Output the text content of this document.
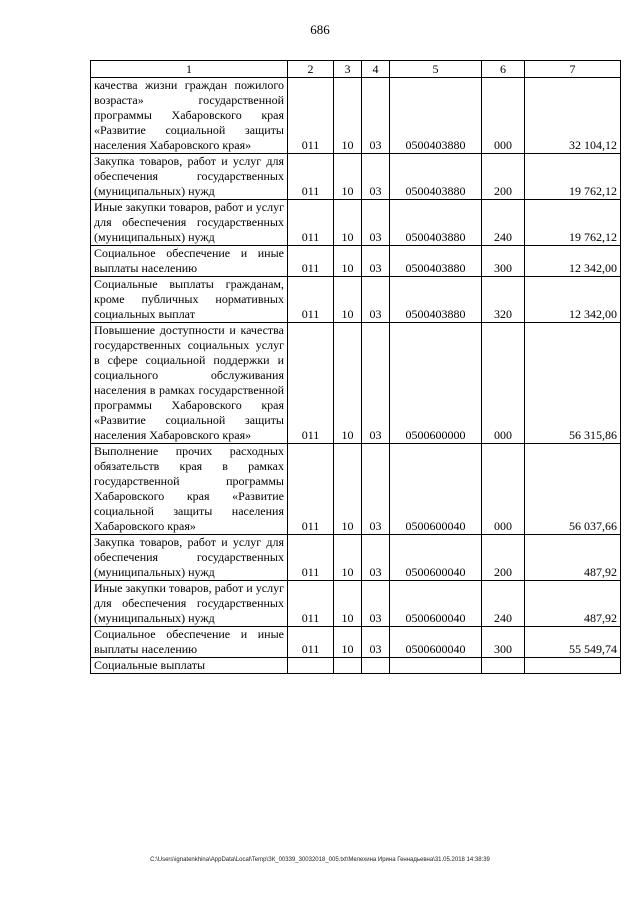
686
1	2	3	4	5	6	7
качества жизни граждан пожилого возраста» государственной программы Хабаровского края «Развитие социальной защиты населения Хабаровского края»	011	10	03	0500403880	000	32 104,12
Закупка товаров, работ и услуг для обеспечения государственных (муниципальных) нужд	011	10	03	0500403880	200	19 762,12
Иные закупки товаров, работ и услуг для обеспечения государственных (муниципальных) нужд	011	10	03	0500403880	240	19 762,12
Социальное обеспечение и иные выплаты населению	011	10	03	0500403880	300	12 342,00
Социальные выплаты гражданам, кроме публичных нормативных социальных выплат	011	10	03	0500403880	320	12 342,00
Повышение доступности и качества государственных социальных услуг в сфере социальной поддержки и социального обслуживания населения в рамках государственной программы Хабаровского края «Развитие социальной защиты населения Хабаровского края»	011	10	03	0500600000	000	56 315,86
Выполнение прочих расходных обязательств края в рамках государственной программы Хабаровского края «Развитие социальной защиты населения Хабаровского края»	011	10	03	0500600040	000	56 037,66
Закупка товаров, работ и услуг для обеспечения государственных (муниципальных) нужд	011	10	03	0500600040	200	487,92
Иные закупки товаров, работ и услуг для обеспечения государственных (муниципальных) нужд	011	10	03	0500600040	240	487,92
Социальное обеспечение и иные выплаты населению	011	10	03	0500600040	300	55 549,74
Социальные выплаты						
C:\Users\ignatenkhina\AppData\Local\Temp\ЗК_00339_30032018_005.txt\Мелехина Ирина Геннадьевна\31.05.2018 14:38:39
